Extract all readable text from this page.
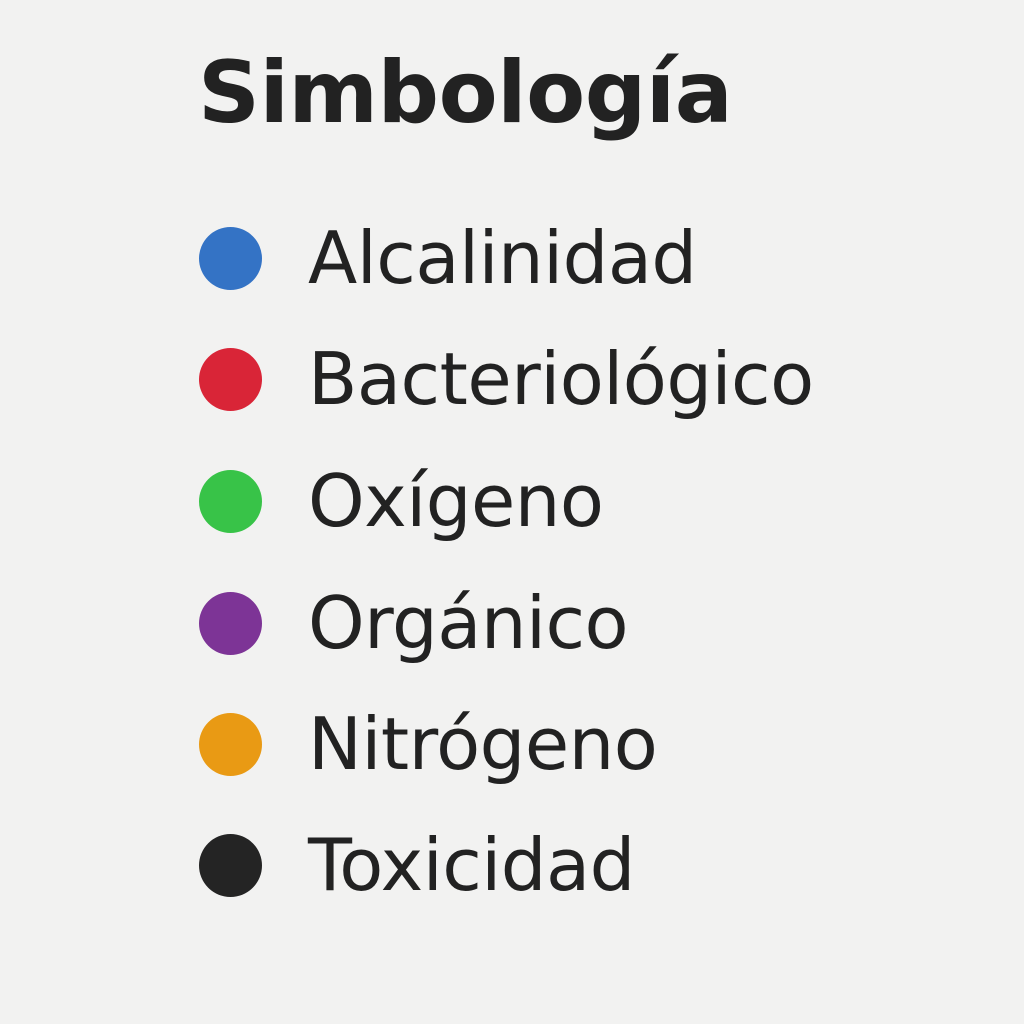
Simbología
Alcalinidad
Bacteriológico
Oxígeno
Orgánico
Nitrógeno
Toxicidad
